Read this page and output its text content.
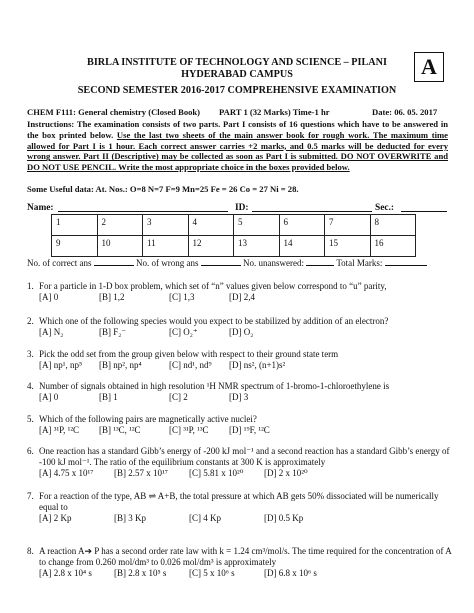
BIRLA INSTITUTE OF TECHNOLOGY AND SCIENCE – PILANI
HYDERABAD CAMPUS
SECOND SEMESTER 2016-2017 COMPREHENSIVE EXAMINATION
A
CHEM F111: General chemistry (Closed Book) PART 1 (32 Marks) Time-1 hr	Date: 06. 05. 2017
Instructions: The examination consists of two parts. Part I consists of 16 questions which have to be answered in the box printed below. Use the last two sheets of the main answer book for rough work. The maximum time allowed for Part I is 1 hour. Each correct answer carries +2 marks, and 0.5 marks will be deducted for every wrong answer. Part II (Descriptive) may be collected as soon as Part I is submitted. DO NOT OVERWRITE and DO NOT USE PENCIL. Write the most appropriate choice in the boxes provided below.
Some Useful data: At. Nos.: O=8 N=7 F=9 Mn=25 Fe = 26 Co = 27 Ni = 28.
Name:	ID:	Sec.:
1	2	3	4	5	6	7	8
9	10	11	12	13	14	15	16
No. of correct ans	No. of wrong ans	No. unanswered:	Total Marks:
1. For a particle in 1-D box problem, which set of “n” values given below correspond to “u” parity,
[A] 0	[B] 1,2	[C] 1,3	[D] 2,4
2. Which one of the following species would you expect to be stabilized by addition of an electron?
[A] N₂	[B] F₂⁻	[C] O₂⁺	[D] O₂
3. Pick the odd set from the group given below with respect to their ground state term
[A] np¹, np⁵ [B] np², np⁴	[C] nd¹, nd⁹ [D] ns², (n+1)s²
4. Number of signals obtained in high resolution ¹H NMR spectrum of 1-bromo-1-chloroethylene is
[A] 0	[B] 1	[C] 2	[D] 3
5. Which of the following pairs are magnetically active nuclei?
[A] ³¹P, ¹²C [B] ¹³C, ¹²C	[C] ³¹P, ¹³C [D] ¹⁹F, ¹²C
6. One reaction has a standard Gibb’s energy of -200 kJ mol⁻¹ and a second reaction has a standard Gibb’s energy of -100 kJ mol⁻¹. The ratio of the equilibrium constants at 300 K is approximately
[A] 4.75 x 10¹⁷ [B] 2.57 x 10¹⁷ [C] 5.81 x 10²⁰ [D] 2 x 10²⁰
7. For a reaction of the type, AB ⇌ A+B, the total pressure at which AB gets 50% dissociated will be numerically equal to
[A] 2 Kp	[B] 3 Kp	[C] 4 Kp	[D] 0.5 Kp
8. A reaction A➔ P has a second order rate law with k = 1.24 cm³/mol/s. The time required for the concentration of A to change from 0.260 mol/dm³ to 0.026 mol/dm³ is approximately
[A] 2.8 x 10⁴ s [B] 2.8 x 10⁵ s	[C] 5 x 10⁶ s	[D] 6.8 x 10⁶ s
